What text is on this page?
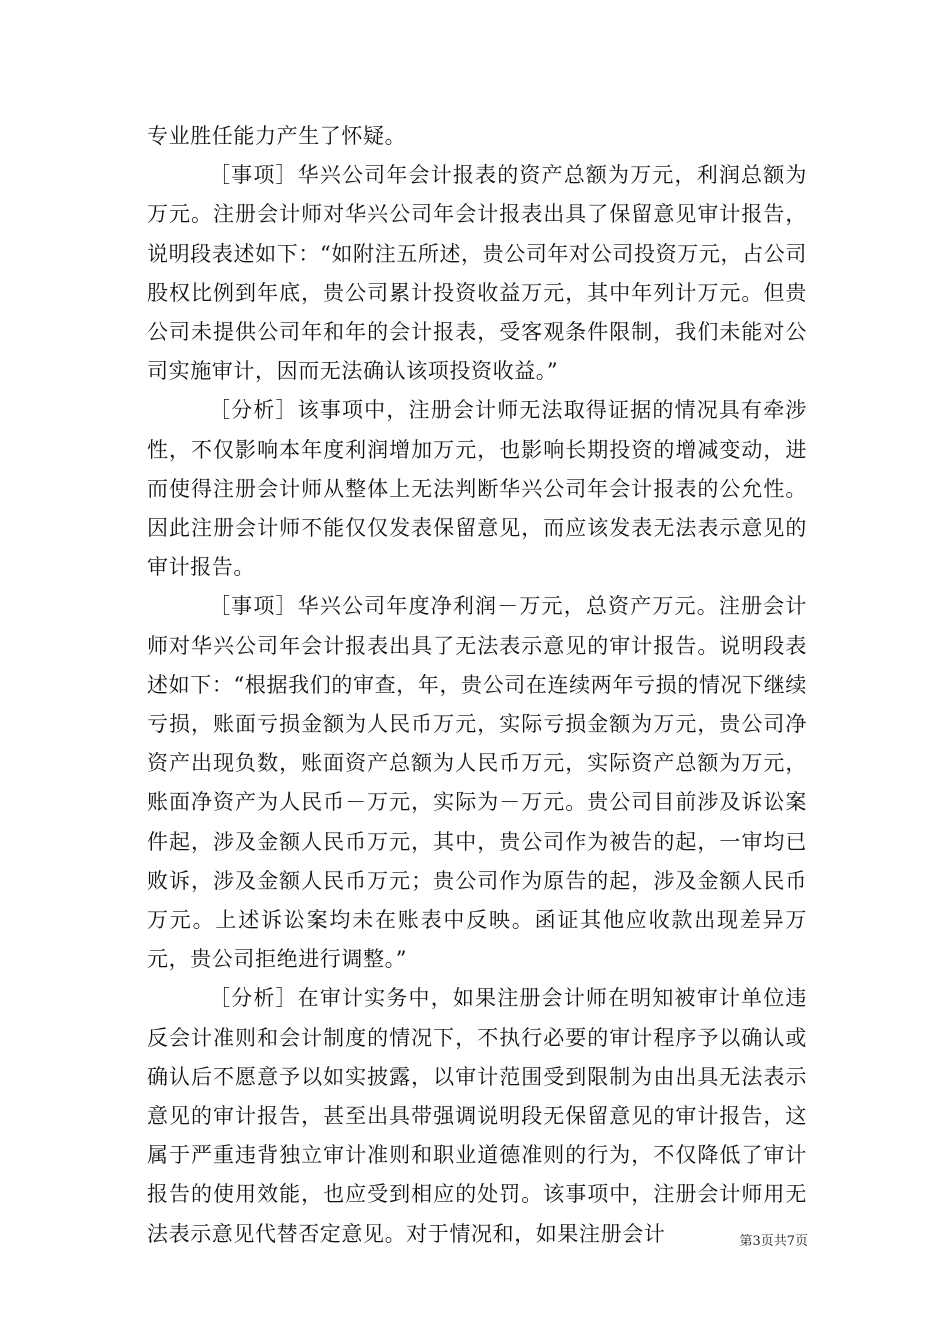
专业胜任能力产生了怀疑。

［事项］华兴公司年会计报表的资产总额为万元，利润总额为万元。注册会计师对华兴公司年会计报表出具了保留意见审计报告，说明段表述如下：“如附注五所述，贵公司年对公司投资万元，占公司股权比例到年底，贵公司累计投资收益万元，其中年列计万元。但贵公司未提供公司年和年的会计报表，受客观条件限制，我们未能对公司实施审计，因而无法确认该项投资收益。”

［分析］该事项中，注册会计师无法取得证据的情况具有牵涉性，不仅影响本年度利润增加万元，也影响长期投资的增减变动，进而使得注册会计师从整体上无法判断华兴公司年会计报表的公允性。因此注册会计师不能仅仅发表保留意见，而应该发表无法表示意见的审计报告。

［事项］华兴公司年度净利润－万元，总资产万元。注册会计师对华兴公司年会计报表出具了无法表示意见的审计报告。说明段表述如下：“根据我们的审查，年，贵公司在连续两年亏损的情况下继续亏损，账面亏损金额为人民币万元，实际亏损金额为万元，贵公司净资产出现负数，账面资产总额为人民币万元，实际资产总额为万元，账面净资产为人民币－万元，实际为－万元。贵公司目前涉及诉讼案件起，涉及金额人民币万元，其中，贵公司作为被告的起，一审均已败诉，涉及金额人民币万元；贵公司作为原告的起，涉及金额人民币万元。上述诉讼案均未在账表中反映。函证其他应收款出现差异万元，贵公司拒绝进行调整。”

［分析］在审计实务中，如果注册会计师在明知被审计单位违反会计准则和会计制度的情况下，不执行必要的审计程序予以确认或确认后不愿意予以如实披露，以审计范围受到限制为由出具无法表示意见的审计报告，甚至出具带强调说明段无保留意见的审计报告，这属于严重违背独立审计准则和职业道德准则的行为，不仅降低了审计报告的使用效能，也应受到相应的处罚。该事项中，注册会计师用无法表示意见代替否定意见。对于情况和，如果注册会计	第3页共7页
